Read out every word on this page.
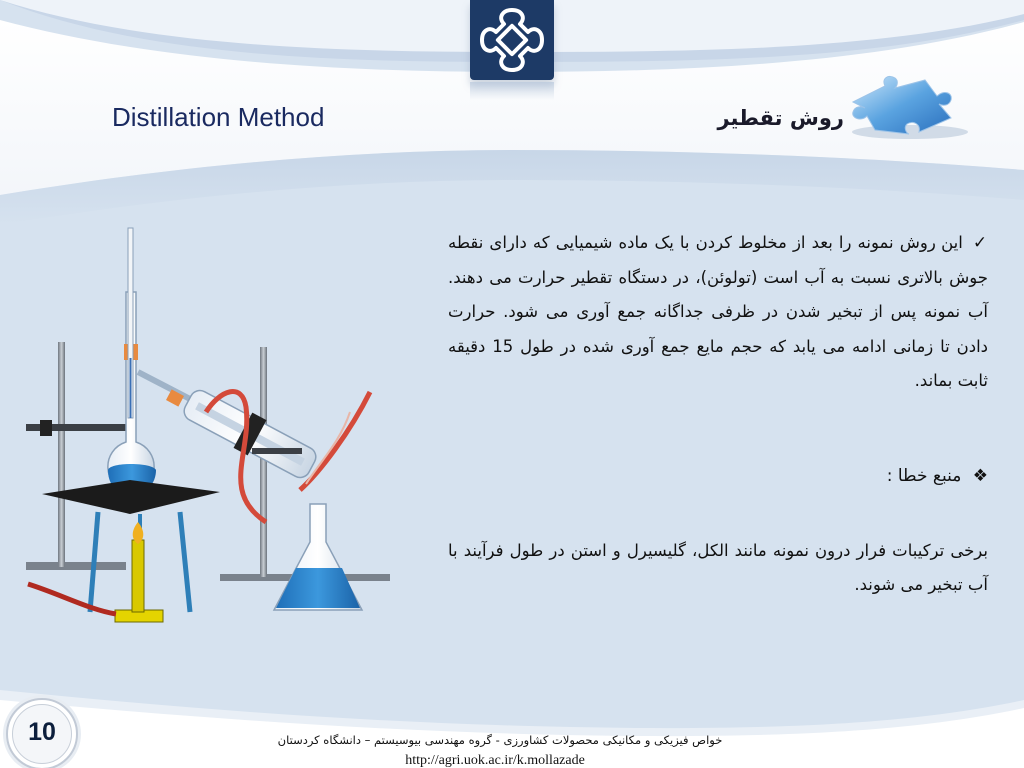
Distillation Method	روش تقطیر
✓ این روش نمونه را بعد از مخلوط کردن با یک ماده شیمیایی که دارای نقطه جوش بالاتری نسبت به آب است (تولوئن)، در دستگاه تقطیر حرارت می دهند. آب نمونه پس از تبخیر شدن در ظرفی جداگانه جمع آوری می شود. حرارت دادن تا زمانی ادامه می یابد که حجم مایع جمع آوری شده در طول 15 دقیقه ثابت بماند.
❖ منبع خطا :
برخی ترکیبات فرار درون نمونه مانند الکل، گلیسیرل و استن در طول فرآیند با آب تبخیر می شوند.
10	خواص فیزیکی و مکانیکی محصولات کشاورزی - گروه مهندسی بیوسیستم – دانشگاه کردستان
http://agri.uok.ac.ir/k.mollazade
